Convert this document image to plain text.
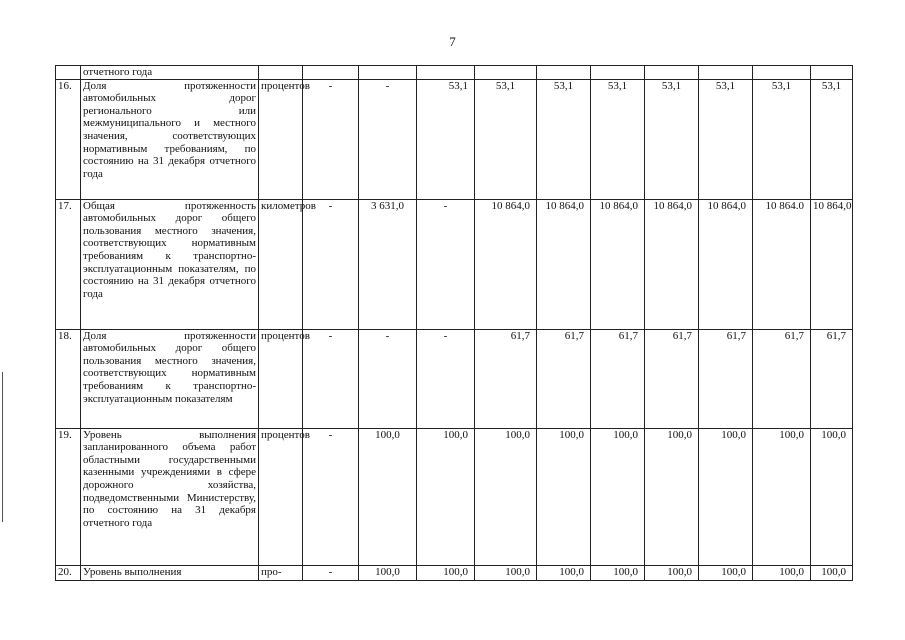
7
	отчетного года											
16.	Доля протяженности автомобильных дорог регионального или межмуниципального и местного значения, соответствующих нормативным требованиям, по состоянию на 31 декабря отчетного года	процентов	-	-	53,1	53,1	53,1	53,1	53,1	53,1	53,1	53,1
17.	Общая протяженность автомобильных дорог общего пользования местного значения, соответствующих нормативным требованиям к транспортно-эксплуатационным показателям, по состоянию на 31 декабря отчетного года	километров	-	3 631,0	-	10 864,0	10 864,0	10 864,0	10 864,0	10 864,0	10 864.0	10 864,0
18.	Доля протяженности автомобильных дорог общего пользования местного значения, соответствующих нормативным требованиям к транспортно-эксплуатационным показателям	процентов	-	-	-	61,7	61,7	61,7	61,7	61,7	61,7	61,7
19.	Уровень выполнения запланированного объема работ областными государственными казенными учреждениями в сфере дорожного хозяйства, подведомственными Министерству, по состоянию на 31 декабря отчетного года	процентов	-	100,0	100,0	100,0	100,0	100,0	100,0	100,0	100,0	100,0
20.	Уровень выполнения	про-	-	100,0	100,0	100,0	100,0	100,0	100,0	100,0	100,0	100,0
